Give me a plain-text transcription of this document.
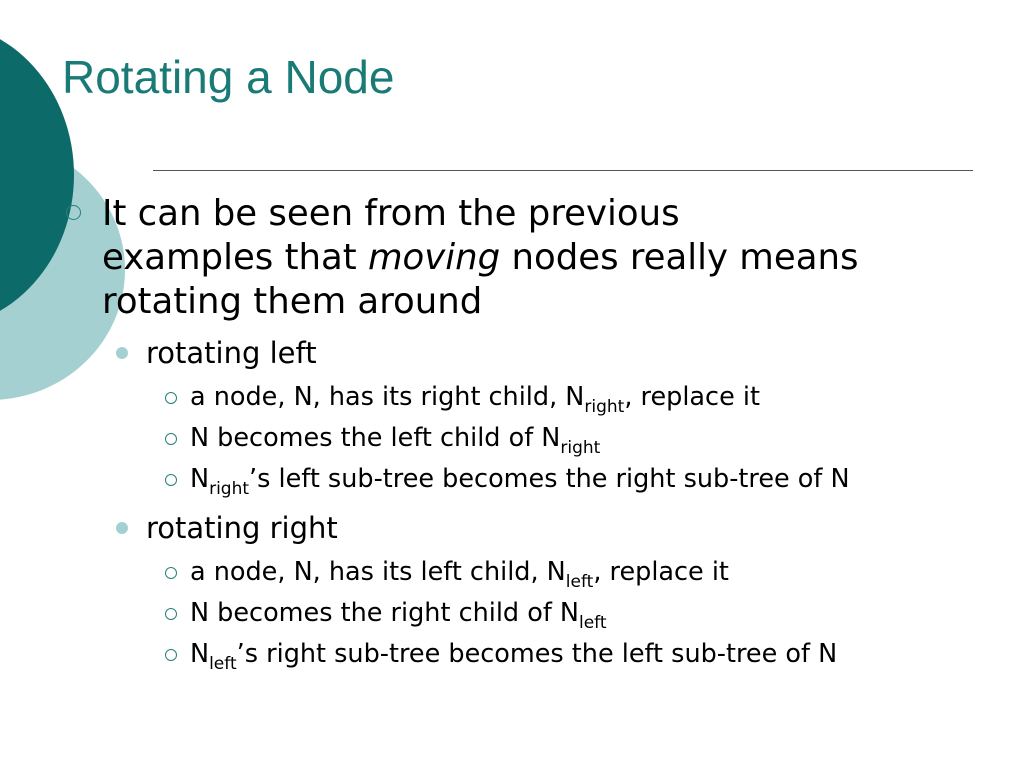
Rotating a Node
It can be seen from the previous examples that moving nodes really means rotating them around
rotating left
a node, N, has its right child, $N_{right}$, replace it
N becomes the left child of $N_{right}$
$N_{right}’s$ left sub-tree becomes the right sub-tree of N
rotating right
a node, N, has its left child, $N_{left}$, replace it
N becomes the right child of $N_{left}$
$N_{left}’s$ right sub-tree becomes the left sub-tree of N
